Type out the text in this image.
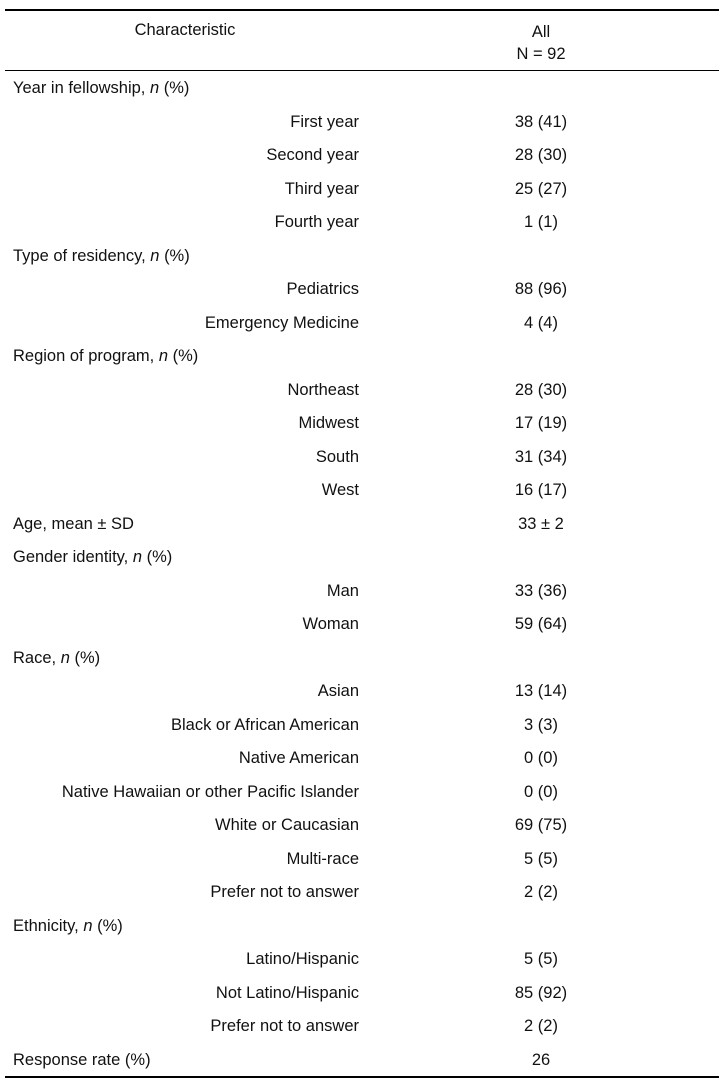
Characteristic	All
N = 92
Year in fellowship, n (%)
First year	38 (41)
Second year	28 (30)
Third year	25 (27)
Fourth year	1 (1)
Type of residency, n (%)
Pediatrics	88 (96)
Emergency Medicine	4 (4)
Region of program, n (%)
Northeast	28 (30)
Midwest	17 (19)
South	31 (34)
West	16 (17)
Age, mean ± SD	33 ± 2
Gender identity, n (%)
Man	33 (36)
Woman	59 (64)
Race, n (%)
Asian	13 (14)
Black or African American	3 (3)
Native American	0 (0)
Native Hawaiian or other Pacific Islander	0 (0)
White or Caucasian	69 (75)
Multi-race	5 (5)
Prefer not to answer	2 (2)
Ethnicity, n (%)
Latino/Hispanic	5 (5)
Not Latino/Hispanic	85 (92)
Prefer not to answer	2 (2)
Response rate (%)	26
